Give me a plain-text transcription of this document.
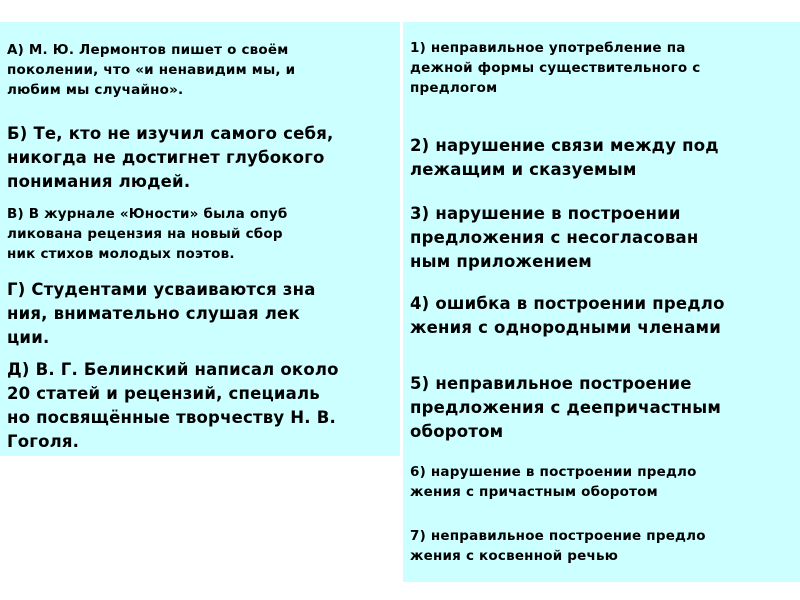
А) М. Ю. Лермонтов пишет о своём
поколении, что «и ненавидим мы, и
любим мы случайно».

Б) Те, кто не изучил самого себя,
никогда не достигнет глубокого
понимания людей.

В) В журнале «Юности» была опуб
ликована рецензия на новый сбор
ник стихов молодых поэтов.

Г) Студентами усваиваются зна
ния, внимательно слушая лек
ции.

Д) В. Г. Белинский написал около
20 статей и рецензий, специаль
но посвящённые творчеству Н. В.
Гоголя.

1) неправильное употребление па
дежной формы существительного с
предлогом

2) нарушение связи между под
лежащим и сказуемым

3) нарушение в построении
предложения с несогласован
ным приложением

4) ошибка в построении предло
жения с однородными членами

5) неправильное построение
предложения с деепричастным
оборотом

6) нарушение в построении предло
жения с причастным оборотом

7) неправильное построение предло
жения с косвенной речью
